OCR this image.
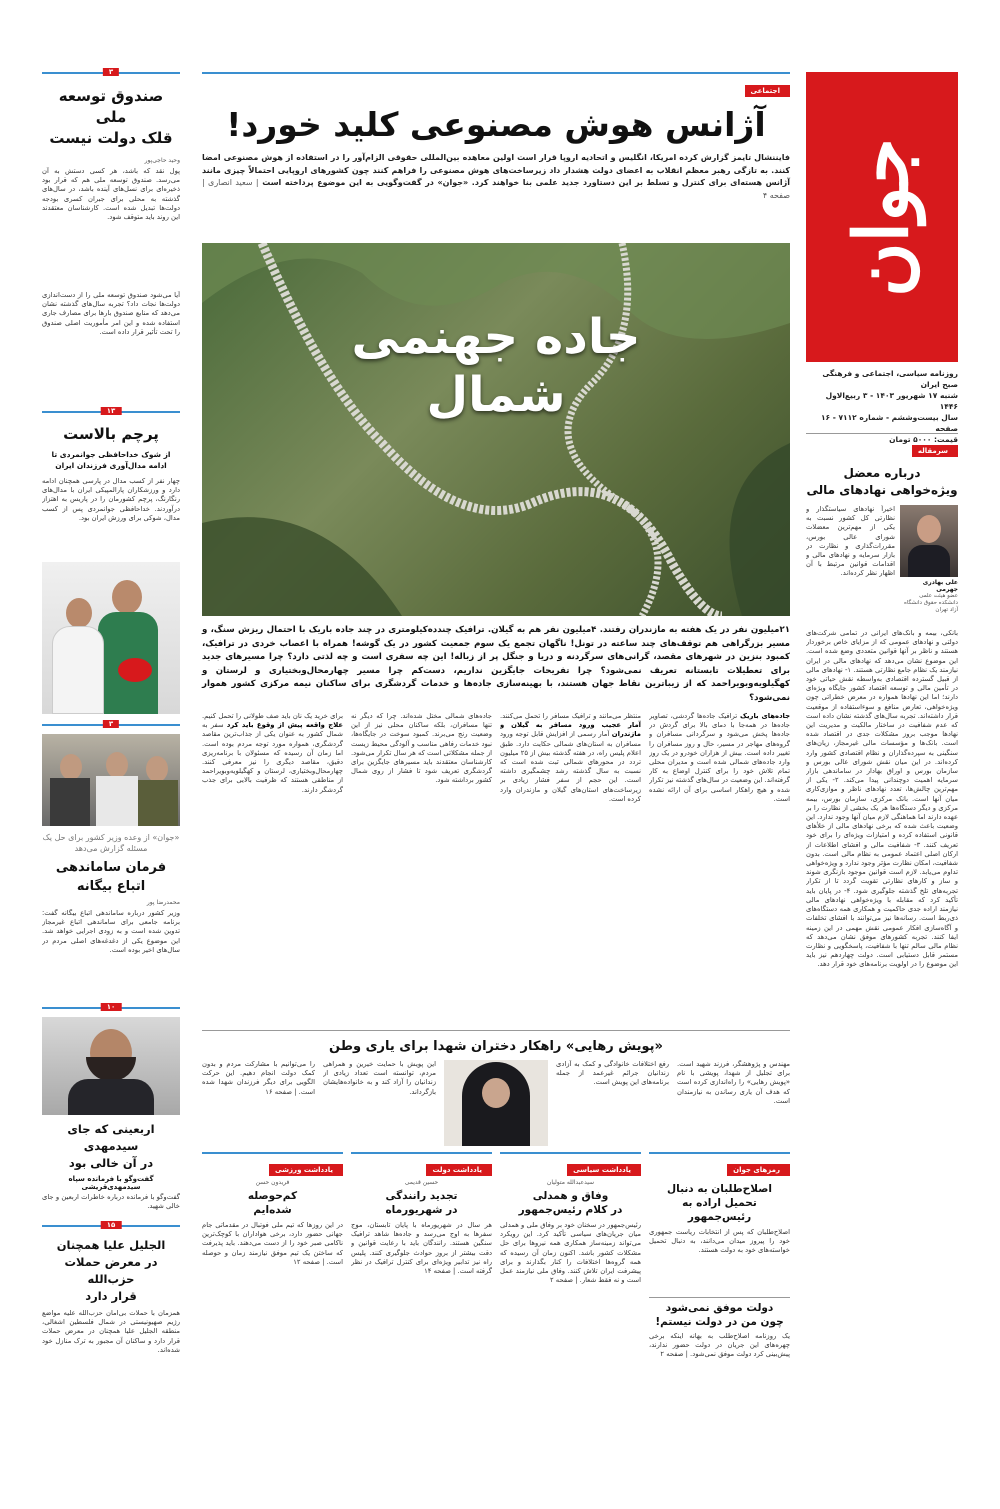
جوان
روزنامه سیاسی، اجتماعی و فرهنگی صبح ایران
شنبه ۱۷ شهریور ۱۴۰۳ - ۳ ربیع‌الاول ۱۴۴۶
سال بیست‌وششم - شماره ۷۱۱۲ - ۱۶ صفحه
قیمت: ۵۰۰۰ تومان
سرمقاله
درباره معضل
ویژه‌خواهی نهادهای مالی
علی بهادری جهرمی
عضو هیئت علمی دانشکده حقوق دانشگاه آزاد تهران
اخیراً نهادهای سیاستگذار و نظارتی کل کشور نسبت به یکی از مهم‌ترین معضلات شورای عالی بورس، مقررات‌گذاری و نظارت در بازار سرمایه و نهادهای مالی و اقدامات قوانین مرتبط با آن اظهار نظر کرده‌اند.
بانکی، بیمه و بانک‌های ایرانی در تمامی شرکت‌های دولتی و نهادهای عمومی که از مزایای خاص برخوردار هستند و ناظر بر آنها قوانین متعددی وضع شده است. این موضوع نشان می‌دهد که نهادهای مالی در ایران نیازمند یک نظام جامع نظارتی هستند. ۱- نهادهای مالی از قبیل گسترده اقتصادی به‌واسطه نقش حیاتی خود در تأمین مالی و توسعه اقتصاد کشور جایگاه ویژه‌ای دارند؛ اما این نهادها همواره در معرض خطراتی چون ویژه‌خواهی، تعارض منافع و سوءاستفاده از موقعیت قرار داشته‌اند. تجربه سال‌های گذشته نشان داده است که عدم شفافیت در ساختار مالکیت و مدیریت این نهادها موجب بروز مشکلات جدی در اقتصاد شده است. بانک‌ها و مؤسسات مالی غیرمجاز، زیان‌های سنگینی به سپرده‌گذاران و نظام اقتصادی کشور وارد کرده‌اند. در این میان نقش شورای عالی بورس و سازمان بورس و اوراق بهادار در ساماندهی بازار سرمایه اهمیت دوچندانی پیدا می‌کند. ۲- یکی از مهم‌ترین چالش‌ها، تعدد نهادهای ناظر و موازی‌کاری میان آنها است. بانک مرکزی، سازمان بورس، بیمه مرکزی و دیگر دستگاه‌ها هر یک بخشی از نظارت را بر عهده دارند اما هماهنگی لازم میان آنها وجود ندارد. این وضعیت باعث شده که برخی نهادهای مالی از خلأهای قانونی استفاده کرده و امتیازات ویژه‌ای را برای خود تعریف کنند. ۳- شفافیت مالی و افشای اطلاعات از ارکان اصلی اعتماد عمومی به نظام مالی است. بدون شفافیت، امکان نظارت مؤثر وجود ندارد و ویژه‌خواهی تداوم می‌یابد. لازم است قوانین موجود بازنگری شوند و ساز و کارهای نظارتی تقویت گردد تا از تکرار تجربه‌های تلخ گذشته جلوگیری شود. ۴- در پایان باید تأکید کرد که مقابله با ویژه‌خواهی نهادهای مالی نیازمند اراده جدی حاکمیت و همکاری همه دستگاه‌های ذی‌ربط است. رسانه‌ها نیز می‌توانند با افشای تخلفات و آگاه‌سازی افکار عمومی نقش مهمی در این زمینه ایفا کنند. تجربه کشورهای موفق نشان می‌دهد که نظام مالی سالم تنها با شفافیت، پاسخگویی و نظارت مستمر قابل دستیابی است. دولت چهاردهم نیز باید این موضوع را در اولویت برنامه‌های خود قرار دهد.
اجتماعی
آژانس هوش مصنوعی کلید خورد!
فایننشال تایمز گزارش کرده امریکا، انگلیس و اتحادیه اروپا قرار است اولین معاهده بین‌المللی حقوقی الزام‌آور را در استفاده از هوش مصنوعی امضا کنند. به تازگی رهبر معظم انقلاب به اعضای دولت هشدار داد زیرساخت‌های هوش مصنوعی را فراهم کنند چون کشورهای اروپایی احتمالاً چیزی مانند آژانس هسته‌ای برای کنترل و تسلط بر این دستاورد جدید علمی بنا خواهند کرد. «جوان» در گفت‌وگویی به این موضوع پرداخته است | سعید انصاری | صفحه ۴
جاده جهنمی
شمال
۲۱میلیون نفر در یک هفته به مازندران رفتند. ۴میلیون نفر هم به گیلان. ترافیک چندده‌کیلومتری در چند جاده باریک با احتمال ریزش سنگ، و مسیر بزرگراهی هم توقف‌های چند ساعته در تونل! ناگهان تجمع یک سوم جمعیت کشور در یک گوشه! همراه با اعصاب خردی در ترافیک، کمبود بنزین در شهرهای مقصد، گرانی‌های سرگردنه و دریا و جنگل پر از زباله! این چه سفری است و چه لذتی دارد؟ چرا مسیرهای جدید برای تعطیلات تابستانه تعریف نمی‌شود؟ چرا تفریحات جایگزین نداریم، دست‌کم چرا مسیر چهارمحال‌وبختیاری و لرستان و کهگیلویه‌وبویراحمد که از زیباترین نقاط جهان هستند، با بهینه‌سازی جاده‌ها و خدمات گردشگری برای ساکنان نیمه مرکزی کشور هموار نمی‌شود؟
جاده‌های باریک ترافیک جاده‌ها گردشی، تصاویر جاده‌ها در همه‌جا با دمای بالا برای گردش در جاده‌ها پخش می‌شود و سرگردانی مسافران و گروه‌های مهاجر در مسیر، حال و روز مسافران را تغییر داده است. بیش از هزاران خودرو در یک روز وارد جاده‌های شمالی شده است و مدیران محلی تمام تلاش خود را برای کنترل اوضاع به کار گرفته‌اند. این وضعیت در سال‌های گذشته نیز تکرار شده و هیچ راهکار اساسی برای آن ارائه نشده است.
منتظر می‌مانند و ترافیک مسافر را تحمل می‌کنند. آمار عجیب ورود مسافر به گیلان و مازندران آمار رسمی از افزایش قابل توجه ورود مسافران به استان‌های شمالی حکایت دارد. طبق اعلام پلیس راه، در هفته گذشته بیش از ۲۵ میلیون تردد در محورهای شمالی ثبت شده است که نسبت به سال گذشته رشد چشمگیری داشته است. این حجم از سفر فشار زیادی بر زیرساخت‌های استان‌های گیلان و مازندران وارد کرده است.
جاده‌های شمالی مختل شده‌اند. چرا که دیگر نه تنها مسافران، بلکه ساکنان محلی نیز از این وضعیت رنج می‌برند. کمبود سوخت در جایگاه‌ها، نبود خدمات رفاهی مناسب و آلودگی محیط زیست از جمله مشکلاتی است که هر سال تکرار می‌شود. کارشناسان معتقدند باید مسیرهای جایگزین برای گردشگری تعریف شود تا فشار از روی شمال کشور برداشته شود.
برای خرید یک نان باید صف طولانی را تحمل کنیم. علاج واقعه پیش از وقوع باید کرد سفر به شمال کشور به عنوان یکی از جذاب‌ترین مقاصد گردشگری، همواره مورد توجه مردم بوده است. اما زمان آن رسیده که مسئولان با برنامه‌ریزی دقیق، مقاصد دیگری را نیز معرفی کنند. چهارمحال‌وبختیاری، لرستان و کهگیلویه‌وبویراحمد از مناطقی هستند که ظرفیت بالایی برای جذب گردشگر دارند.
«پویش رهایی» راهکار دختران شهدا برای یاری وطن
مهندس و پژوهشگر، فرزند شهید است. برای تجلیل از شهدا، پویشی با نام «پویش رهایی» را راه‌اندازی کرده است که هدف آن یاری رساندن به نیازمندان است.
رفع اختلافات خانوادگی و کمک به آزادی زندانیان جرائم غیرعمد از جمله برنامه‌های این پویش است.
این پویش با حمایت خیرین و همراهی مردم، توانسته است تعداد زیادی از زندانیان را آزاد کند و به خانواده‌هایشان بازگرداند.
را می‌توانیم با مشارکت مردم و بدون کمک دولت انجام دهیم. این حرکت الگویی برای دیگر فرزندان شهدا شده است. | صفحه ۱۶
رمزهای جوان
اصلاح‌طلبان به دنبال
تحمیل اراده به رئیس‌جمهور
اصلاح‌طلبان که پس از انتخابات ریاست جمهوری خود را پیروز میدان می‌دانند، به دنبال تحمیل خواسته‌های خود به دولت هستند.
دولت موفق نمی‌شود
چون من در دولت نیستم!
یک روزنامه اصلاح‌طلب به بهانه اینکه برخی چهره‌های این جریان در دولت حضور ندارند، پیش‌بینی کرد دولت موفق نمی‌شود. | صفحه ۲
یادداشت سیاسی
سیدعبدالله متولیان
وفاق و همدلی
در کلام رئیس‌جمهور
رئیس‌جمهور در سخنان خود بر وفاق ملی و همدلی میان جریان‌های سیاسی تأکید کرد. این رویکرد می‌تواند زمینه‌ساز همکاری همه نیروها برای حل مشکلات کشور باشد. اکنون زمان آن رسیده که همه گروه‌ها اختلافات را کنار بگذارند و برای پیشرفت ایران تلاش کنند. وفاق ملی نیازمند عمل است و نه فقط شعار. | صفحه ۲
یادداشت دولت
حسین قدیمی
تجدید رانندگی
در شهریورماه
هر سال در شهریورماه با پایان تابستان، موج سفرها به اوج می‌رسد و جاده‌ها شاهد ترافیک سنگین هستند. رانندگان باید با رعایت قوانین و دقت بیشتر از بروز حوادث جلوگیری کنند. پلیس راه نیز تدابیر ویژه‌ای برای کنترل ترافیک در نظر گرفته است. | صفحه ۱۴
یادداشت ورزشی
فریدون حسن
کم‌حوصله
شده‌ایم
در این روزها که تیم ملی فوتبال در مقدماتی جام جهانی حضور دارد، برخی هواداران با کوچک‌ترین ناکامی صبر خود را از دست می‌دهند. باید پذیرفت که ساختن یک تیم موفق نیازمند زمان و حوصله است. | صفحه ۱۲
۳
صندوق توسعه ملی
قلک دولت نیست
وحید حاجی‌پور
پول نقد که باشد، هر کسی دستش به آن می‌رسد. صندوق توسعه ملی هم که قرار بود ذخیره‌ای برای نسل‌های آینده باشد، در سال‌های گذشته به محلی برای جبران کسری بودجه دولت‌ها تبدیل شده است. کارشناسان معتقدند این روند باید متوقف شود.
آیا می‌شود صندوق توسعه ملی را از دست‌اندازی دولت‌ها نجات داد؟ تجربه سال‌های گذشته نشان می‌دهد که منابع صندوق بارها برای مصارف جاری استفاده شده و این امر مأموریت اصلی صندوق را تحت تأثیر قرار داده است.
۱۳
پرچم بالاست
از شوک خداحافظی جوانمردی تا ادامه مدال‌آوری فرزندان ایران
چهار نفر از کسب مدال در پارسی همچنان ادامه دارد و ورزشکاران پارالمپیکی ایران با مدال‌های رنگارنگ، پرچم کشورمان را در پاریس به اهتزاز درآوردند. خداحافظی جوانمردی پس از کسب مدال، شوکی برای ورزش ایران بود.
۳
«جوان» از وعده وزیر کشور برای حل یک مسئله گزارش می‌دهد
فرمان ساماندهی
اتباع بیگانه
محمدرضا پور
وزیر کشور درباره ساماندهی اتباع بیگانه گفت: برنامه جامعی برای ساماندهی اتباع غیرمجاز تدوین شده است و به زودی اجرایی خواهد شد. این موضوع یکی از دغدغه‌های اصلی مردم در سال‌های اخیر بوده است.
۱۰
اربعینی که جای سیدمهدی
در آن خالی بود
گفت‌وگو با فرمانده سپاه سید‌مهدی‌قریشی
گفت‌وگو با فرمانده درباره خاطرات اربعین و جای خالی شهید.
۱۵
الجلیل علیا همچنان
در معرض حملات حزب‌الله
قرار دارد
همزمان با حملات بی‌امان حزب‌الله علیه مواضع رژیم صهیونیستی در شمال فلسطین اشغالی، منطقه الجلیل علیا همچنان در معرض حملات قرار دارد و ساکنان آن مجبور به ترک منازل خود شده‌اند.
